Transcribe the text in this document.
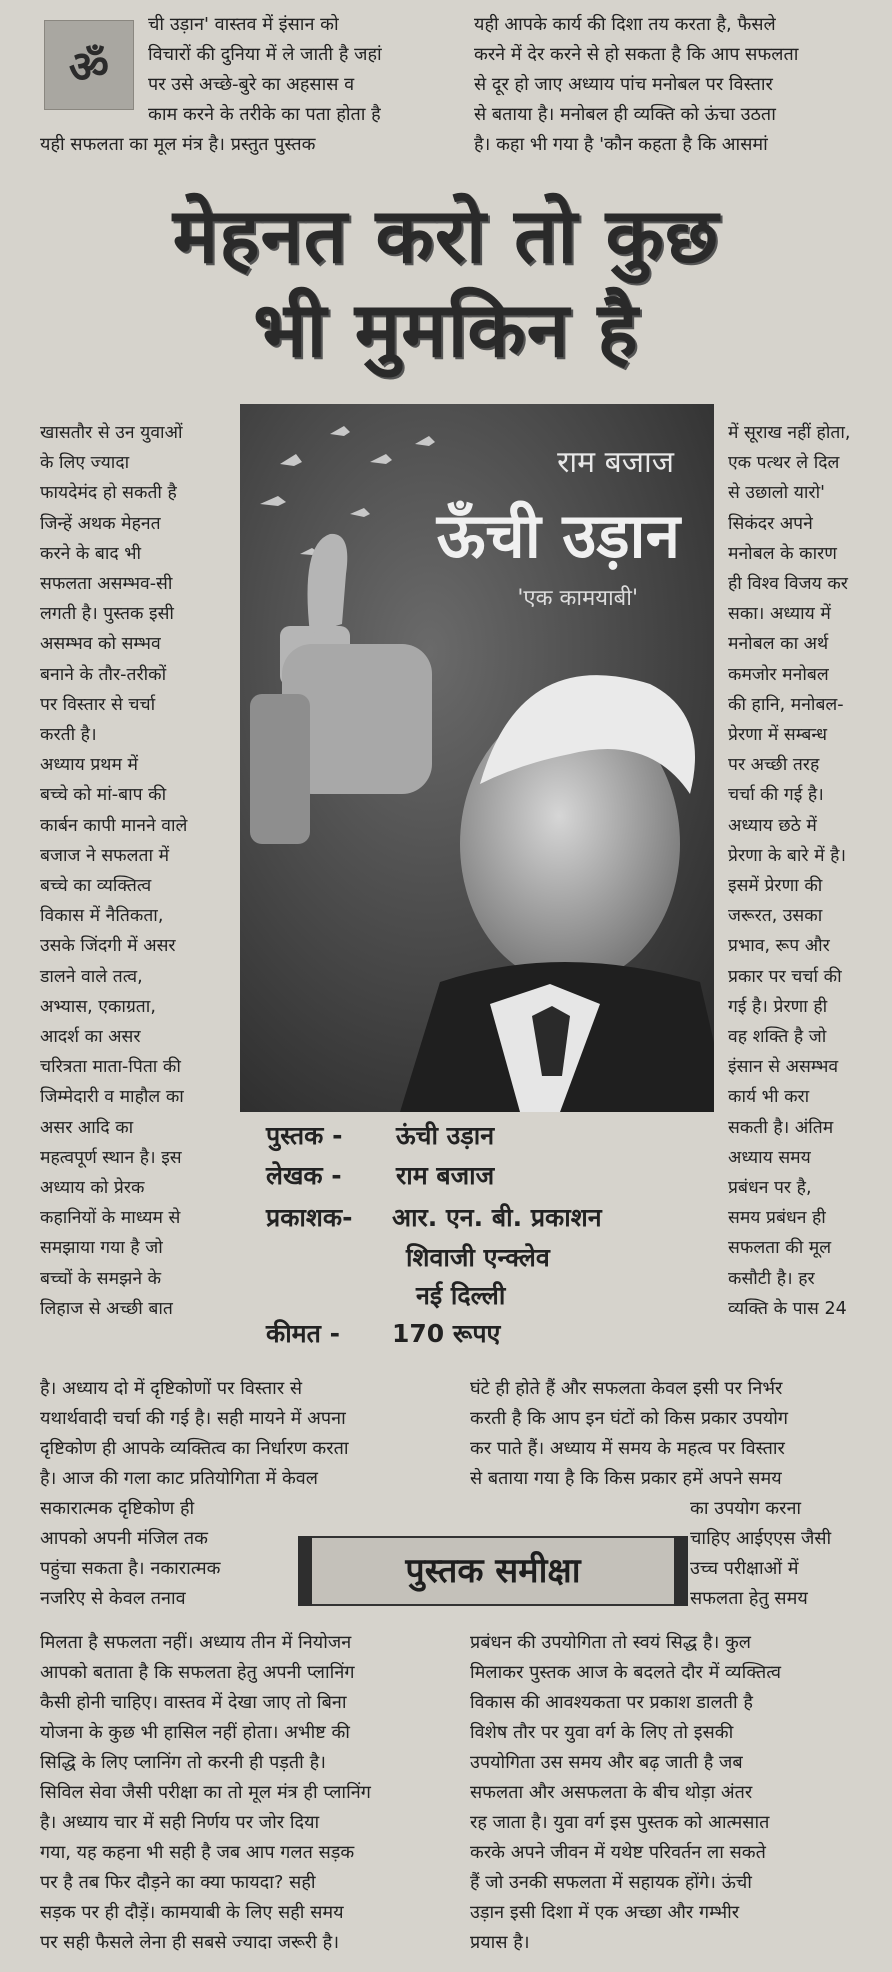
ॐ

ची उड़ान' वास्तव में इंसान को

विचारों की दुनिया में ले जाती है जहां

पर उसे अच्छे-बुरे का अहसास व

काम करने के तरीके का पता होता है

यही सफलता का मूल मंत्र है। प्रस्तुत पुस्तक

यही आपके कार्य की दिशा तय करता है, फैसले

करने में देर करने से हो सकता है कि आप सफलता

से दूर हो जाए अध्याय पांच मनोबल पर विस्तार

से बताया है। मनोबल ही व्यक्ति को ऊंचा उठता

है। कहा भी गया है 'कौन कहता है कि आसमां

मेहनत करो तो कुछ
भी मुमकिन है

खासतौर से उन युवाओं

के लिए ज्यादा

फायदेमंद हो सकती है

जिन्हें अथक मेहनत

करने के बाद भी

सफलता असम्भव-सी

लगती है। पुस्तक इसी

असम्भव को सम्भव

बनाने के तौर-तरीकों

पर विस्तार से चर्चा

करती है।

अध्याय प्रथम में

बच्चे को मां-बाप की

कार्बन कापी मानने वाले

बजाज ने सफलता में

बच्चे का व्यक्तित्व

विकास में नैतिकता,

उसके जिंदगी में असर

डालने वाले तत्व,

अभ्यास, एकाग्रता,

आदर्श का असर

चरित्रता माता-पिता की

जिम्मेदारी व माहौल का

असर आदि का

महत्वपूर्ण स्थान है। इस

अध्याय को प्रेरक

कहानियों के माध्यम से

समझाया गया है जो

बच्चों के समझने के

लिहाज से अच्छी बात

में सूराख नहीं होता,

एक पत्थर ले दिल

से उछालो यारो'

सिकंदर अपने

मनोबल के कारण

ही विश्व विजय कर

सका। अध्याय में

मनोबल का अर्थ

कमजोर मनोबल

की हानि, मनोबल-

प्रेरणा में सम्बन्ध

पर अच्छी तरह

चर्चा की गई है।

अध्याय छठे में

प्रेरणा के बारे में है।

इसमें प्रेरणा की

जरूरत, उसका

प्रभाव, रूप और

प्रकार पर चर्चा की

गई है। प्रेरणा ही

वह शक्ति है जो

इंसान से असम्भव

कार्य भी करा

सकती है। अंतिम

अध्याय समय

प्रबंधन पर है,

समय प्रबंधन ही

सफलता की मूल

कसौटी है। हर

व्यक्ति के पास 24

राम बजाज
ऊँची उड़ान
'एक कामयाबी'
पुस्तक - ऊंची उड़ान
लेखक - राम बजाज
प्रकाशक- आर. एन. बी. प्रकाशन
शिवाजी एन्क्लेव
नई दिल्ली
कीमत - 170 रूपए

है। अध्याय दो में दृष्टिकोणों पर विस्तार से

यथार्थवादी चर्चा की गई है। सही मायने में अपना

दृष्टिकोण ही आपके व्यक्तित्व का निर्धारण करता

है। आज की गला काट प्रतियोगिता में केवल

सकारात्मक दृष्टिकोण ही

आपको अपनी मंजिल तक

पहुंचा सकता है। नकारात्मक

नजरिए से केवल तनाव

घंटे ही होते हैं और सफलता केवल इसी पर निर्भर

करती है कि आप इन घंटों को किस प्रकार उपयोग

कर पाते हैं। अध्याय में समय के महत्व पर विस्तार

से बताया गया है कि किस प्रकार हमें अपने समय

का उपयोग करना

चाहिए आईएएस जैसी

उच्च परीक्षाओं में

सफलता हेतु समय

पुस्तक समीक्षा

मिलता है सफलता नहीं। अध्याय तीन में नियोजन

आपको बताता है कि सफलता हेतु अपनी प्लानिंग

कैसी होनी चाहिए। वास्तव में देखा जाए तो बिना

योजना के कुछ भी हासिल नहीं होता। अभीष्ट की

सिद्धि के लिए प्लानिंग तो करनी ही पड़ती है।

सिविल सेवा जैसी परीक्षा का तो मूल मंत्र ही प्लानिंग

है। अध्याय चार में सही निर्णय पर जोर दिया

गया, यह कहना भी सही है जब आप गलत सड़क

पर है तब फिर दौड़ने का क्या फायदा? सही

सड़क पर ही दौड़ें। कामयाबी के लिए सही समय

पर सही फैसले लेना ही सबसे ज्यादा जरूरी है।

प्रबंधन की उपयोगिता तो स्वयं सिद्ध है। कुल

मिलाकर पुस्तक आज के बदलते दौर में व्यक्तित्व

विकास की आवश्यकता पर प्रकाश डालती है

विशेष तौर पर युवा वर्ग के लिए तो इसकी

उपयोगिता उस समय और बढ़ जाती है जब

सफलता और असफलता के बीच थोड़ा अंतर

रह जाता है। युवा वर्ग इस पुस्तक को आत्मसात

करके अपने जीवन में यथेष्ट परिवर्तन ला सकते

हैं जो उनकी सफलता में सहायक होंगे। ऊंची

उड़ान इसी दिशा में एक अच्छा और गम्भीर

प्रयास है।
